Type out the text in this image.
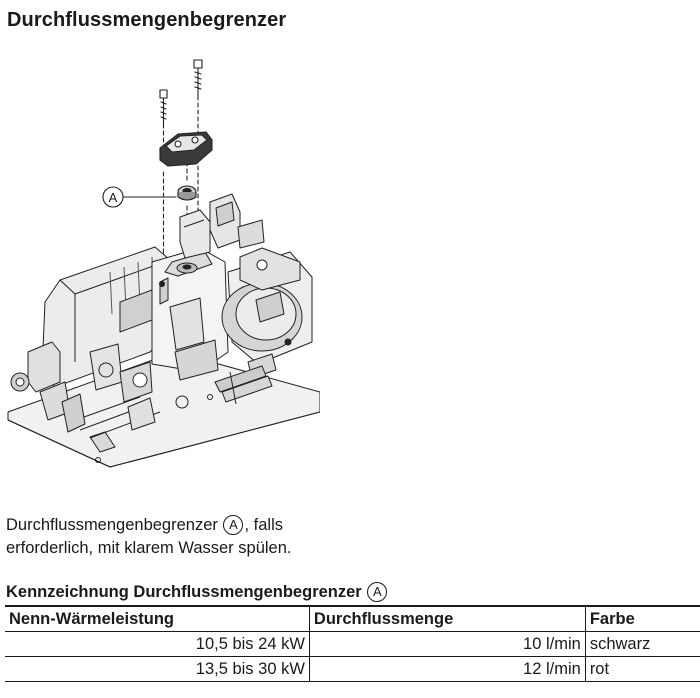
Durchflussmengenbegrenzer
A
Durchflussmengenbegrenzer A , falls
erforderlich, mit klarem Wasser spülen.
Kennzeichnung Durchflussmengenbegrenzer A
Nenn-Wärmeleistung	Durchflussmenge	Farbe
10,5 bis 24 kW	10 l/min	schwarz
13,5 bis 30 kW	12 l/min	rot
